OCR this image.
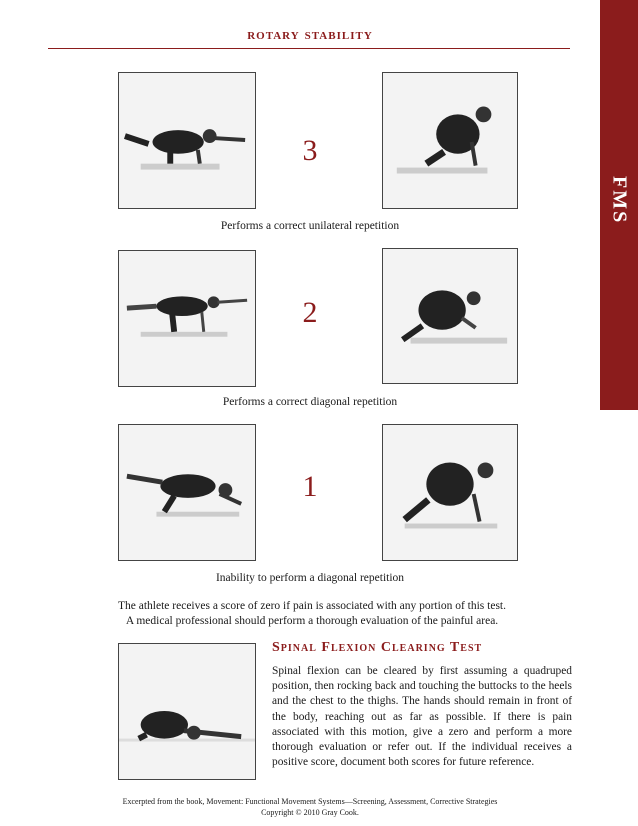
rotary stability
FMS
3
Performs a correct unilateral repetition
2
Performs a correct diagonal repetition
1
Inability to perform a diagonal repetition
The athlete receives a score of zero if pain is associated with any portion of this test.
A medical professional should perform a thorough evaluation of the painful area.
Spinal Flexion Clearing Test
Spinal flexion can be cleared by first assuming a quadruped position, then rocking back and touching the buttocks to the heels and the chest to the thighs. The hands should remain in front of the body, reaching out as far as possible. If there is pain associated with this motion, give a zero and perform a more thorough evaluation or refer out. If the individual receives a positive score, document both scores for future reference.
Excerpted from the book, Movement: Functional Movement Systems—Screening, Assessment, Corrective Strategies
Copyright © 2010 Gray Cook.
